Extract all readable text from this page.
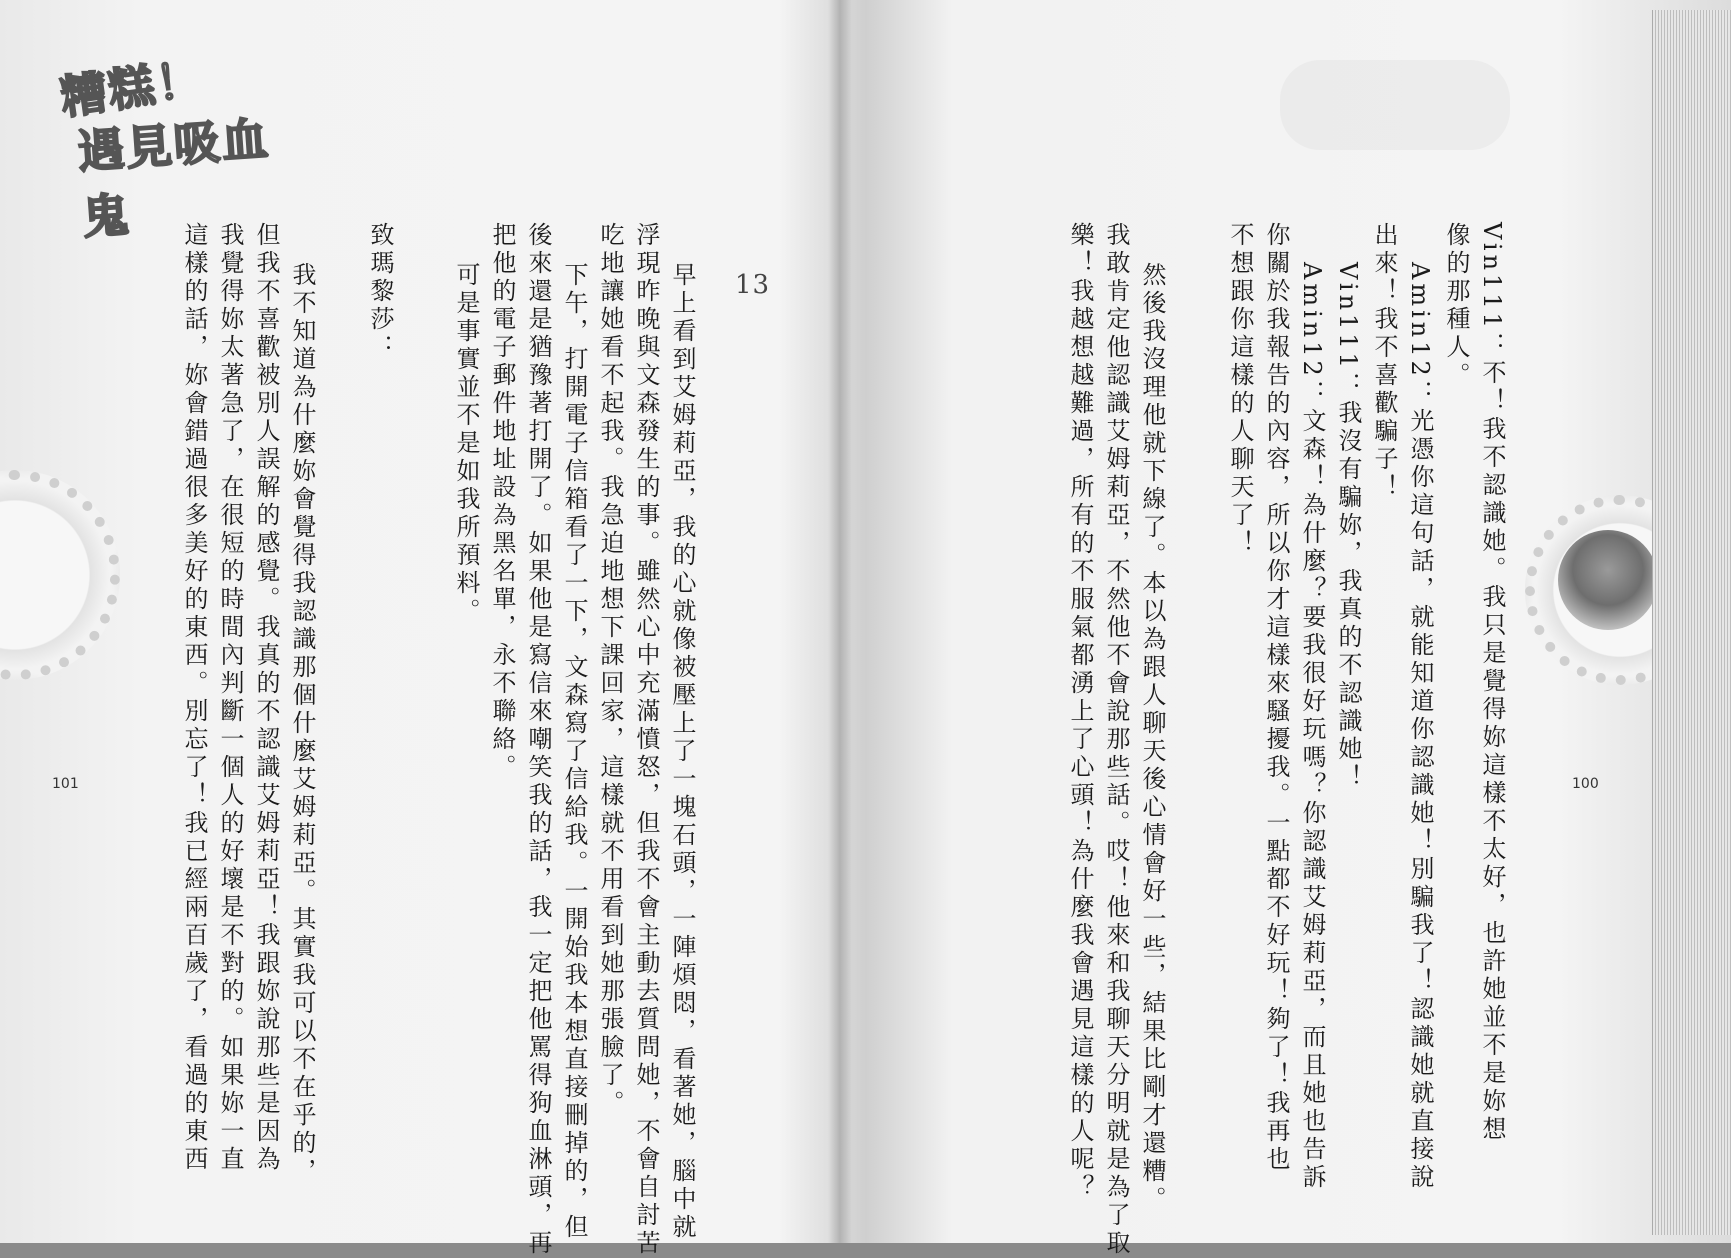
糟糕！
遇見吸血鬼
13
早上看到艾姆莉亞，我的心就像被壓上了一塊石頭，一陣煩悶，看著她，腦中就
浮現昨晚與文森發生的事。雖然心中充滿憤怒，但我不會主動去質問她，不會自討苦
吃地讓她看不起我。我急迫地想下課回家，這樣就不用看到她那張臉了。
下午，打開電子信箱看了一下，文森寫了信給我。一開始我本想直接刪掉的，但
後來還是猶豫著打開了。如果他是寫信來嘲笑我的話，我一定把他罵得狗血淋頭，再
把他的電子郵件地址設為黑名單，永不聯絡。
可是事實並不是如我所預料。
致瑪黎莎：
我不知道為什麼妳會覺得我認識那個什麼艾姆莉亞。其實我可以不在乎的，
但我不喜歡被別人誤解的感覺。我真的不認識艾姆莉亞！我跟妳說那些是因為
我覺得妳太著急了，在很短的時間內判斷一個人的好壞是不對的。如果妳一直
這樣的話，妳會錯過很多美好的東西。別忘了！我已經兩百歲了，看過的東西
101	Vin111：不！我不認識她。我只是覺得妳這樣不太好，也許她並不是妳想
像的那種人。
Amin12：光憑你這句話，就能知道你認識她！別騙我了！認識她就直接說
出來！我不喜歡騙子！
Vin111：我沒有騙妳，我真的不認識她！
Amin12：文森！為什麼？要我很好玩嗎？你認識艾姆莉亞，而且她也告訴
你關於我報告的內容，所以你才這樣來騷擾我。一點都不好玩！夠了！我再也
不想跟你這樣的人聊天了！
然後我沒理他就下線了。本以為跟人聊天後心情會好一些，結果比剛才還糟。
我敢肯定他認識艾姆莉亞，不然他不會說那些話。哎！他來和我聊天分明就是為了取
樂！我越想越難過，所有的不服氣都湧上了心頭！為什麼我會遇見這樣的人呢？	100
